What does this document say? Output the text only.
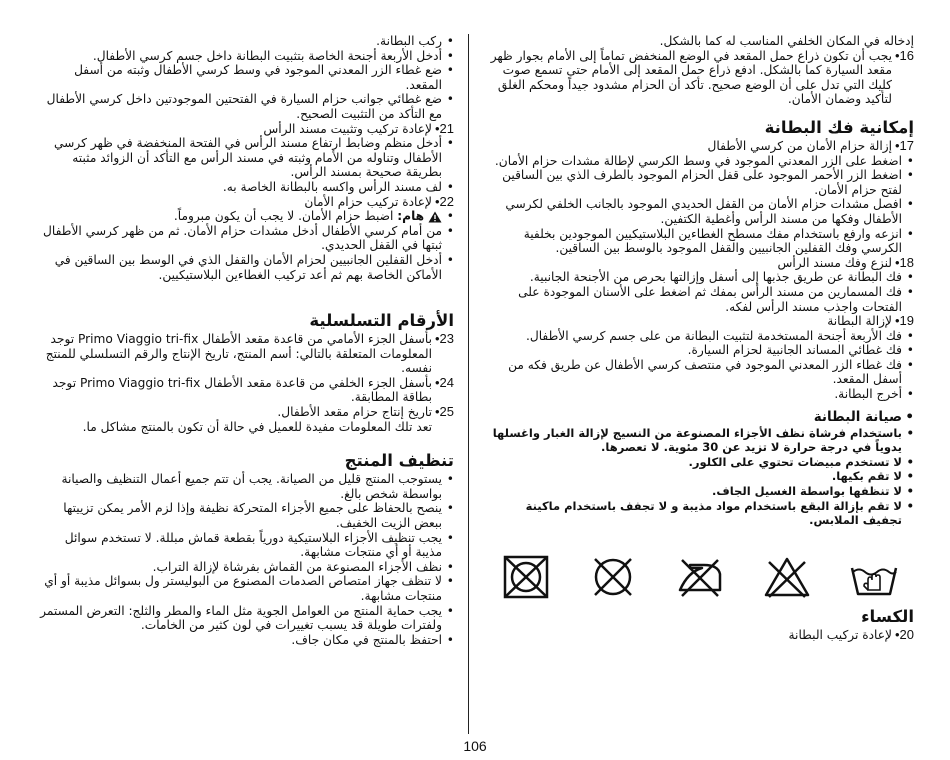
إدخاله في المكان الخلفي المناسب له كما بالشكل.

16•
يجب أن تكون ذراع حمل المقعد في الوضع المنخفض تماماً إلى الأمام بجوار ظهر مقعد السيارة كما بالشكل. ادفع ذراع حمل المقعد إلى الأمام حتى تسمع صوت كليك التي تدل على أن الوضع صحيح. تأكد أن الحزام مشدود جيداً ومحكم الغلق لتأكيد وضمان الأمان.

إمكانية فك البطانة

17•
إزالة حزام الأمان من كرسي الأطفال

• اضغط على الزر المعدني الموجود في وسط الكرسي لإطالة مشدات حزام الأمان.

• اضغط الزر الأحمر الموجود على قفل الحزام الموجود بالطرف الذي بين الساقين لفتح حزام الأمان.

• افصل مشدات حزام الأمان من القفل الحديدي الموجود بالجانب الخلفي لكرسي الأطفال وفكها من مسند الرأس وأغطية الكتفين.

• انزعه وارفع باستخدام مفك مسطح الغطاءين البلاستيكيين الموجودين بخلفية الكرسي وفك القفلين الجانبيين والقفل الموجود بالوسط بين الساقين.

18•
لنزع وفك مسند الرأس

• فك البطانة عن طريق جذبها إلى أسفل وإزالتها بحرص من الأجنحة الجانبية.

• فك المسمارين من مسند الرأس بمفك ثم اضغط على الأسنان الموجودة على الفتحات واجذب مسند الرأس لفكه.

19•
لإزالة البطانة

• فك الأربعة أجنحة المستخدمة لتثبيت البطانة من على جسم كرسي الأطفال.

• فك غطائي المساند الجانبية لحزام السيارة.

• فك غطاء الزر المعدني الموجود في منتصف كرسي الأطفال عن طريق فكه من أسفل المقعد.

• أخرج البطانة.

• صيانة البطانة

• باستخدام فرشاة نظف الأجزاء المصنوعة من النسيج لإزالة الغبار واغسلها يدوياً في درجة حرارة لا تزيد عن 30 مئوية. لا تعصرها.

• لا تستخدم مبيضات تحتوي على الكلور.

• لا تقم بكيها.

• لا تنظفها بواسطة الغسيل الجاف.

• لا تقم بإزالة البقع باستخدام مواد مذيبة و لا تجفف باستخدام ماكينة تجفيف الملابس.

الكساء

20•
لإعادة تركيب البطانة

• ركب البطانة.

• أدخل الأربعة أجنحة الخاصة بتثبيت البطانة داخل جسم كرسي الأطفال.

• ضع غطاء الزر المعدني الموجود في وسط كرسي الأطفال وثبته من أسفل المقعد.

• ضع غطائي جوانب حزام السيارة في الفتحتين الموجودتين داخل كرسي الأطفال مع التأكد من التثبيت الصحيح.

21•
لإعادة تركيب وتثبيت مسند الرأس

• أدخل منظم وضابط ارتفاع مسند الرأس في الفتحة المنخفضة في ظهر كرسي الأطفال وتناوله من الأمام وثبته في مسند الرأس مع التأكد أن الزوائد مثبته بطريقة صحيحة بمسند الرأس.

• لف مسند الرأس واكسه بالبطانة الخاصة به.

22•
لإعادة تركيب حزام الأمان

• هام: اضبط حزام الأمان. لا يجب أن يكون مبروماً.

• من أمام كرسي الأطفال أدخل مشدات حزام الأمان. ثم من ظهر كرسي الأطفال ثبتها في القفل الحديدي.

• أدخل القفلين الجانبيين لحزام الأمان والقفل الذي في الوسط بين الساقين في الأماكن الخاصة بهم ثم أعد تركيب الغطاءين البلاستيكيين.

الأرقام التسلسلية

23•
بأسفل الجزء الأمامي من قاعدة مقعد الأطفال Primo Viaggio tri-fix توجد المعلومات المتعلقة بالتالي: أسم المنتج، تاريخ الإنتاج والرقم التسلسلي للمنتج نفسه.

24•
بأسفل الجزء الخلفي من قاعدة مقعد الأطفال Primo Viaggio tri-fix توجد بطاقة المطابقة.

25•
تاريخ إنتاج حزام مقعد الأطفال.

تعد تلك المعلومات مفيدة للعميل في حالة أن تكون بالمنتج مشاكل ما.

تنظيف المنتج

• يستوجب المنتج قليل من الصيانة. يجب أن تتم جميع أعمال التنظيف والصيانة بواسطة شخص بالغ.

• ينصح بالحفاظ على جميع الأجزاء المتحركة نظيفة وإذا لزم الأمر يمكن تزييتها ببعض الزيت الخفيف.

• يجب تنظيف الأجزاء البلاستيكية دورياً بقطعة قماش مبللة. لا تستخدم سوائل مذيبة أو أي منتجات مشابهة.

• نظف الأجزاء المصنوعة من القماش بفرشاة لإزالة التراب.

• لا تنظف جهاز امتصاص الصدمات المصنوع من البوليستر ول بسوائل مذيبة أو أي منتجات مشابهة.

• يجب حماية المنتج من العوامل الجوية مثل الماء والمطر والثلج: التعرض المستمر ولفترات طويلة قد يسبب تغييرات في لون كثير من الخامات.

• احتفظ بالمنتج في مكان جاف.

106
